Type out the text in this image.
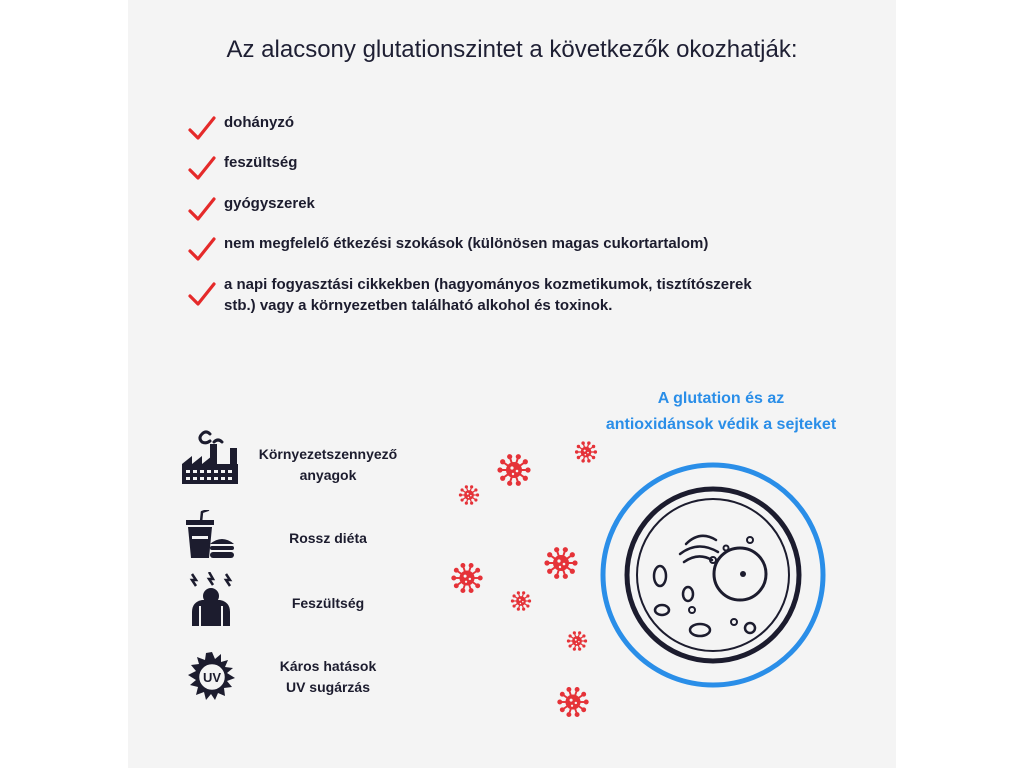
Az alacsony glutationszintet a következők okozhatják:
dohányzó
feszültség
gyógyszerek
nem megfelelő étkezési szokások (különösen magas cukortartalom)
a napi fogyasztási cikkekben (hagyományos kozmetikumok, tisztítószerek stb.) vagy a környezetben található alkohol és toxinok.
A glutation és az
antioxidánsok védik a sejteket
Környezetszennyező
anyagok
Rossz diéta
Feszültség
UV
Káros hatások
UV sugárzás
